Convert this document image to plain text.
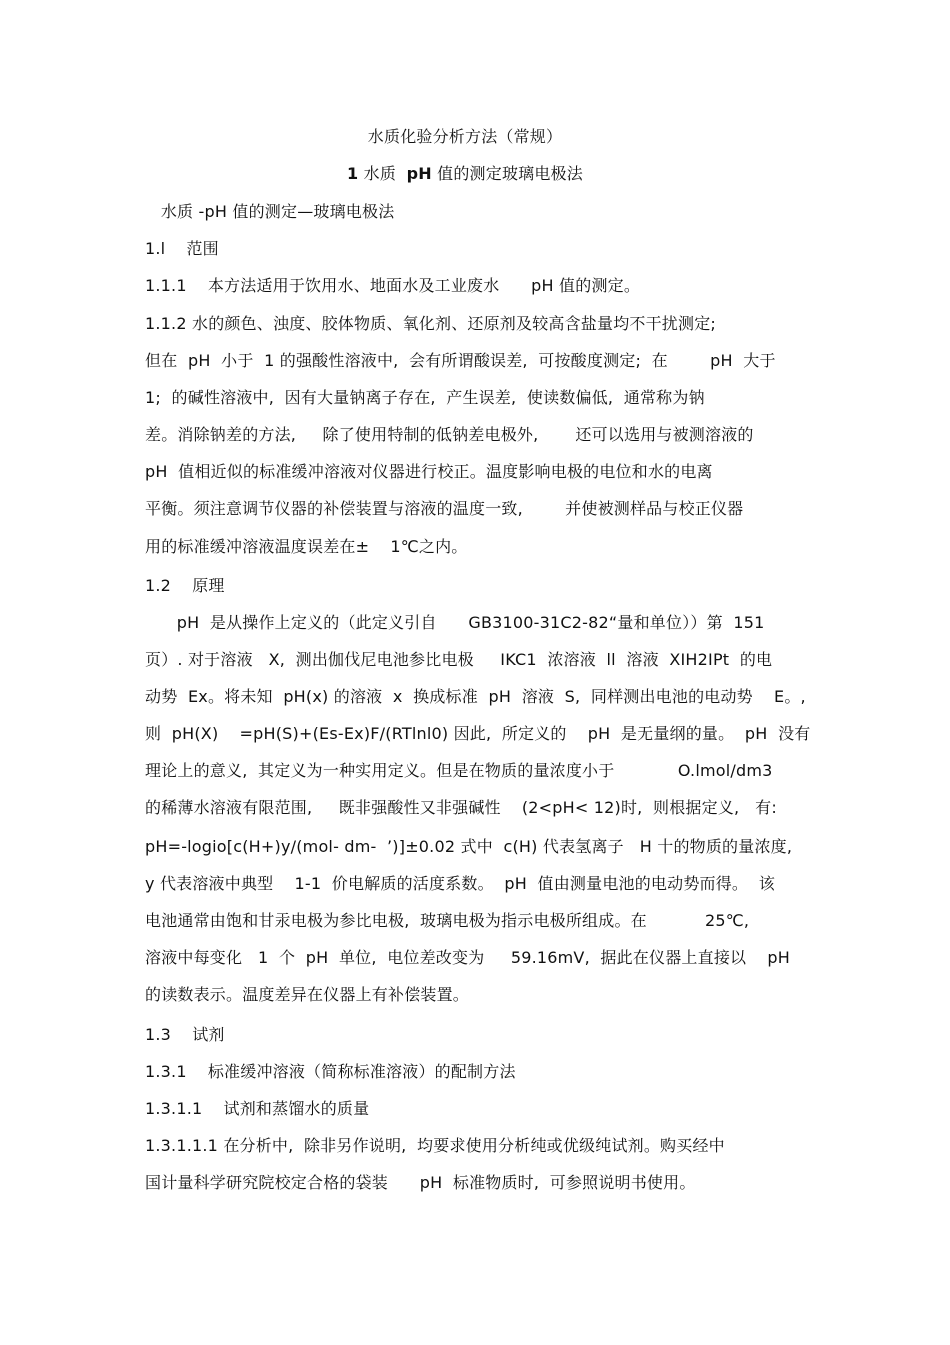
水质化验分析方法（常规）
1 水质  pH 值的测定玻璃电极法
水质 -pH 值的测定—玻璃电极法
1.l    范围
1.1.1    本方法适用于饮用水、地面水及工业废水      pH 值的测定。
1.1.2 水的颜色、浊度、胶体物质、氧化剂、还原剂及较高含盐量均不干扰测定;
但在  pH  小于  1 的强酸性溶液中,  会有所谓酸误差,  可按酸度测定;  在        pH  大于
1;  的碱性溶液中,  因有大量钠离子存在,  产生误差,  使读数偏低,  通常称为钠
差。消除钠差的方法,     除了使用特制的低钠差电极外,       还可以选用与被测溶液的
pH  值相近似的标准缓冲溶液对仪器进行校正。温度影响电极的电位和水的电离
平衡。须注意调节仪器的补偿装置与溶液的温度一致,        并使被测样品与校正仪器
用的标准缓冲溶液温度误差在±    1℃之内。
1.2    原理
pH  是从操作上定义的（此定义引自      GB3100-31C2-82“量和单位））第  151
页）. 对于溶液   X,  测出伽伐尼电池参比电极     IKC1  浓溶液  ll  溶液  XIH2IPt  的电
动势  Ex。将未知  pH(x) 的溶液  x  换成标准  pH  溶液  S,  同样测出电池的电动势    E。,
则  pH(X)    =pH(S)+(Es-Ex)F/(RTlnl0) 因此,  所定义的    pH  是无量纲的量。  pH  没有
理论上的意义,  其定义为一种实用定义。但是在物质的量浓度小于            O.lmol/dm3
的稀薄水溶液有限范围,     既非强酸性又非强碱性    (2<pH< 12)时,  则根据定义,   有:
pH=-logio[c(H+)y/(mol- dm-  ’)]±0.02 式中  c(H) 代表氢离子   H 十的物质的量浓度,
y 代表溶液中典型    1-1  价电解质的活度系数。  pH  值由测量电池的电动势而得。  该
电池通常由饱和甘汞电极为参比电极,  玻璃电极为指示电极所组成。在           25℃,
溶液中每变化   1  个  pH  单位,  电位差改变为     59.16mV,  据此在仪器上直接以    pH
的读数表示。温度差异在仪器上有补偿装置。
1.3    试剂
1.3.1    标准缓冲溶液（简称标准溶液）的配制方法
1.3.1.1    试剂和蒸馏水的质量
1.3.1.1.1 在分析中,  除非另作说明,  均要求使用分析纯或优级纯试剂。购买经中
国计量科学研究院校定合格的袋装      pH  标准物质时,  可参照说明书使用。
